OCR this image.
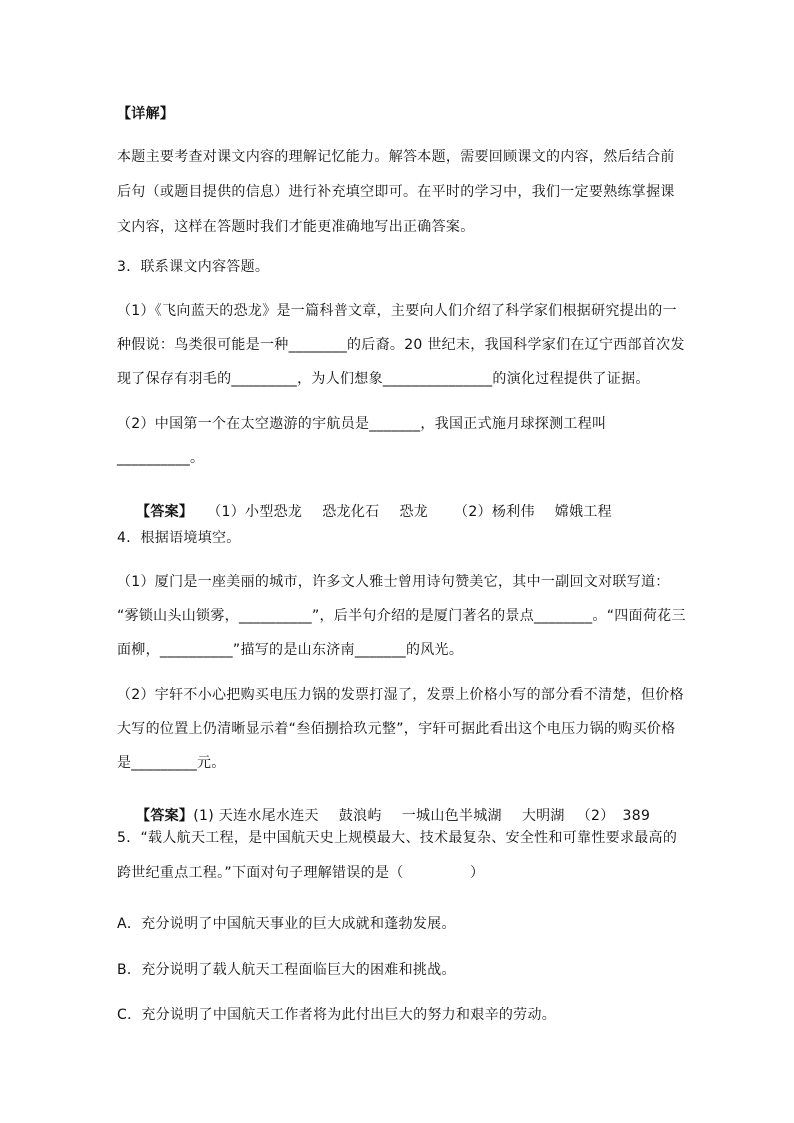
【详解】
本题主要考查对课文内容的理解记忆能力。解答本题，需要回顾课文的内容，然后结合前
后句（或题目提供的信息）进行补充填空即可。在平时的学习中，我们一定要熟练掌握课
文内容，这样在答题时我们才能更准确地写出正确答案。
3．联系课文内容答题。
（1）《飞向蓝天的恐龙》是一篇科普文章，主要向人们介绍了科学家们根据研究提出的一
种假说：鸟类很可能是一种________的后裔。20 世纪末，我国科学家们在辽宁西部首次发
现了保存有羽毛的_________，为人们想象_______________的演化过程提供了证据。
（2）中国第一个在太空遨游的宇航员是_______，我国正式施月球探测工程叫
__________。

【答案】 （1）小型恐龙 恐龙化石 恐龙 （2）杨利伟 嫦娥工程

4．根据语境填空。
（1）厦门是一座美丽的城市，许多文人雅士曾用诗句赞美它，其中一副回文对联写道：
“雾锁山头山锁雾，__________”，后半句介绍的是厦门著名的景点________。“四面荷花三
面柳，__________”描写的是山东济南_______的风光。
（2）宇轩不小心把购买电压力锅的发票打湿了，发票上价格小写的部分看不清楚，但价格
大写的位置上仍清晰显示着“叁佰捌拾玖元整”，宇轩可据此看出这个电压力锅的购买价格
是_________元。

【答案】(1) 天连水尾水连天 鼓浪屿 一城山色半城湖 大明湖 （2） 389

5．“载人航天工程，是中国航天史上规模最大、技术最复杂、安全性和可靠性要求最高的
跨世纪重点工程。”下面对句子理解错误的是（              ）
A．充分说明了中国航天事业的巨大成就和蓬勃发展。
B．充分说明了载人航天工程面临巨大的困难和挑战。
C．充分说明了中国航天工作者将为此付出巨大的努力和艰辛的劳动。
